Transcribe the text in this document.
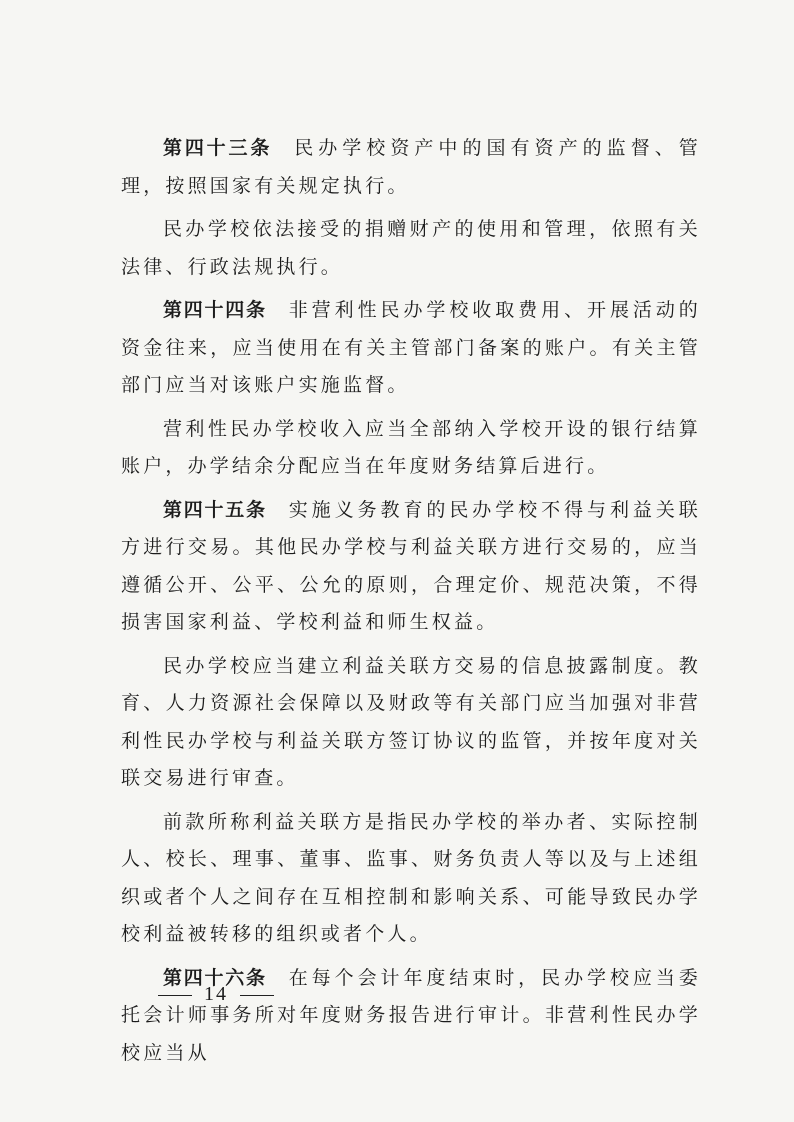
第四十三条 民办学校资产中的国有资产的监督、管理，按照国家有关规定执行。

民办学校依法接受的捐赠财产的使用和管理，依照有关法律、行政法规执行。

第四十四条 非营利性民办学校收取费用、开展活动的资金往来，应当使用在有关主管部门备案的账户。有关主管部门应当对该账户实施监督。

营利性民办学校收入应当全部纳入学校开设的银行结算账户，办学结余分配应当在年度财务结算后进行。

第四十五条 实施义务教育的民办学校不得与利益关联方进行交易。其他民办学校与利益关联方进行交易的，应当遵循公开、公平、公允的原则，合理定价、规范决策，不得损害国家利益、学校利益和师生权益。

民办学校应当建立利益关联方交易的信息披露制度。教育、人力资源社会保障以及财政等有关部门应当加强对非营利性民办学校与利益关联方签订协议的监管，并按年度对关联交易进行审查。

前款所称利益关联方是指民办学校的举办者、实际控制人、校长、理事、董事、监事、财务负责人等以及与上述组织或者个人之间存在互相控制和影响关系、可能导致民办学校利益被转移的组织或者个人。

第四十六条 在每个会计年度结束时，民办学校应当委托会计师事务所对年度财务报告进行审计。非营利性民办学校应当从

14
